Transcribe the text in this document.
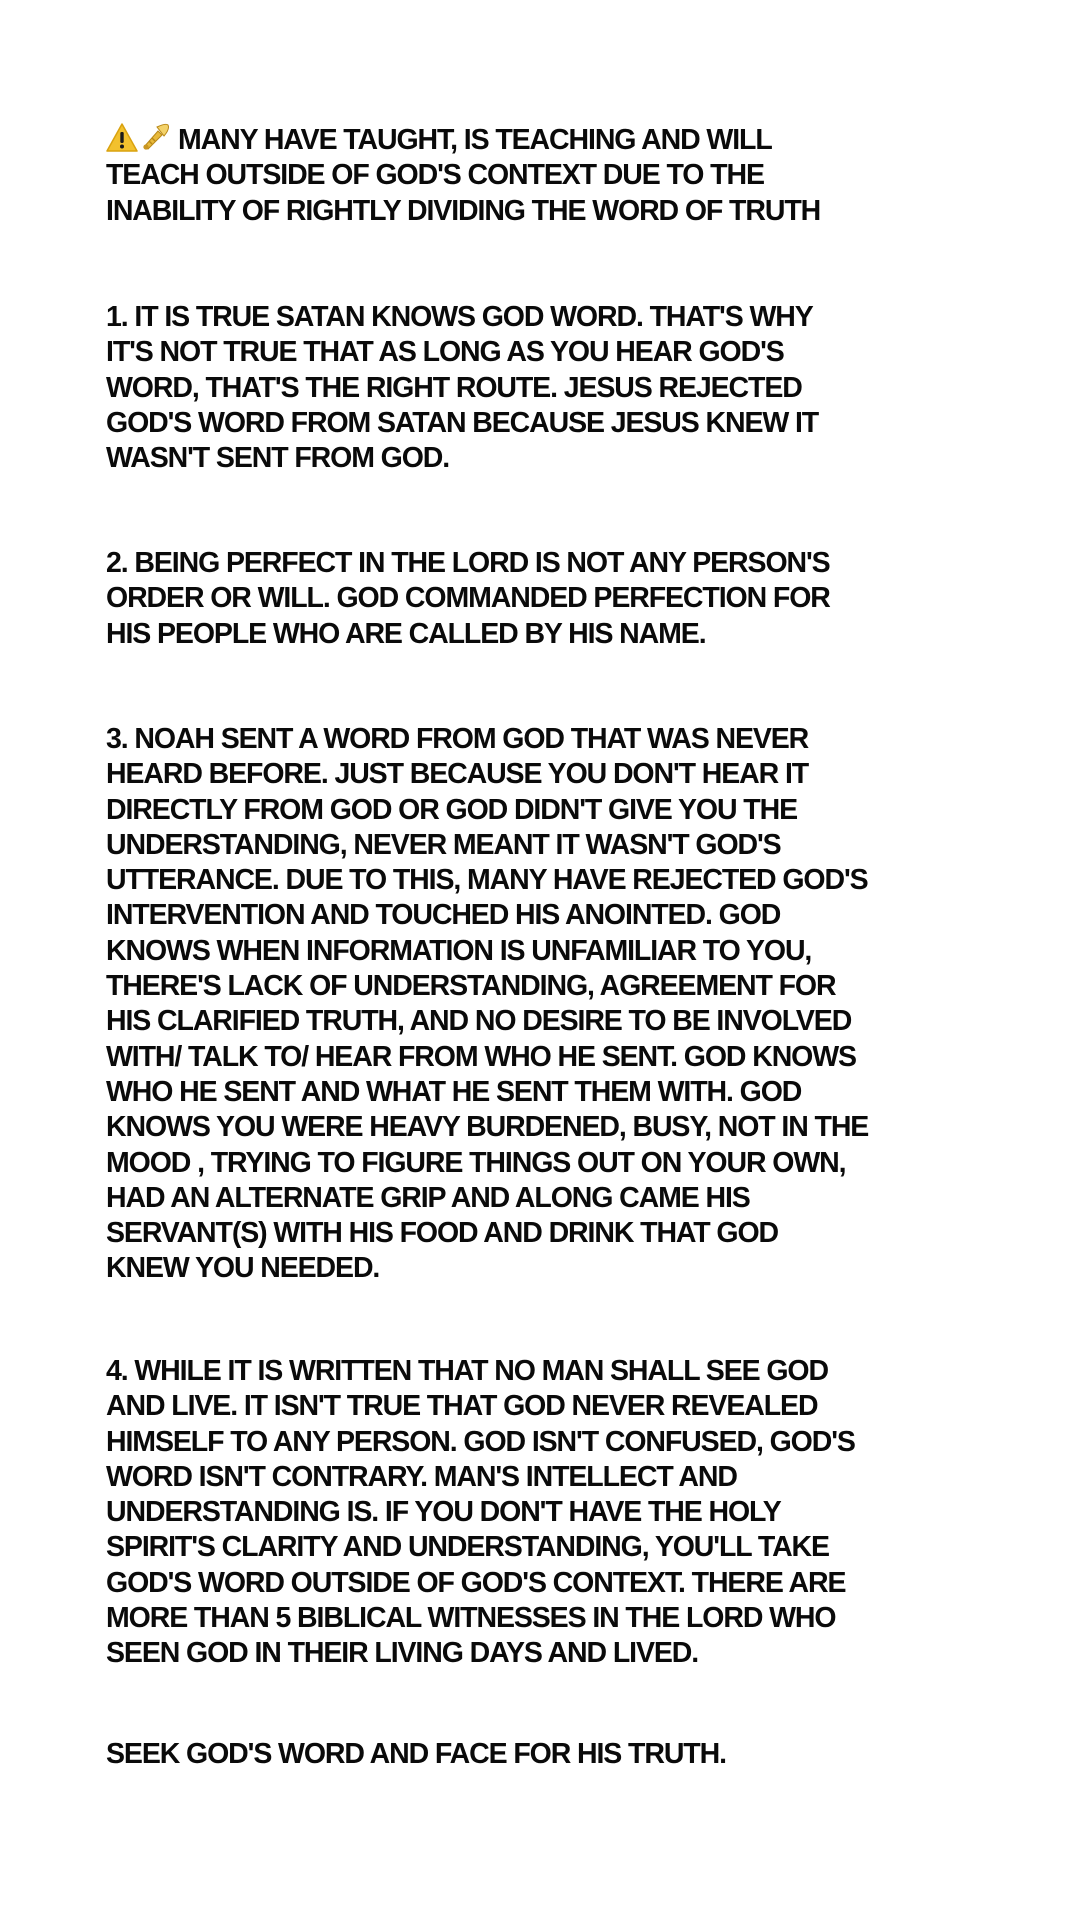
MANY HAVE TAUGHT, IS TEACHING AND WILL
TEACH OUTSIDE OF GOD'S CONTEXT DUE TO THE
INABILITY OF RIGHTLY DIVIDING THE WORD OF TRUTH

1. IT IS TRUE SATAN KNOWS GOD WORD. THAT'S WHY
IT'S NOT TRUE THAT AS LONG AS YOU HEAR GOD'S
WORD, THAT'S THE RIGHT ROUTE. JESUS REJECTED
GOD'S WORD FROM SATAN BECAUSE JESUS KNEW IT
WASN'T SENT FROM GOD.

2. BEING PERFECT IN THE LORD IS NOT ANY PERSON'S
ORDER OR WILL. GOD COMMANDED PERFECTION FOR
HIS PEOPLE WHO ARE CALLED BY HIS NAME.

3. NOAH SENT A WORD FROM GOD THAT WAS NEVER
HEARD BEFORE. JUST BECAUSE YOU DON'T HEAR IT
DIRECTLY FROM GOD OR GOD DIDN'T GIVE YOU THE
UNDERSTANDING, NEVER MEANT IT WASN'T GOD'S
UTTERANCE. DUE TO THIS, MANY HAVE REJECTED GOD'S
INTERVENTION AND TOUCHED HIS ANOINTED. GOD
KNOWS WHEN INFORMATION IS UNFAMILIAR TO YOU,
THERE'S LACK OF UNDERSTANDING, AGREEMENT FOR
HIS CLARIFIED TRUTH, AND NO DESIRE TO BE INVOLVED
WITH/ TALK TO/ HEAR FROM WHO HE SENT. GOD KNOWS
WHO HE SENT AND WHAT HE SENT THEM WITH. GOD
KNOWS YOU WERE HEAVY BURDENED, BUSY, NOT IN THE
MOOD , TRYING TO FIGURE THINGS OUT ON YOUR OWN,
HAD AN ALTERNATE GRIP AND ALONG CAME HIS
SERVANT(S) WITH HIS FOOD AND DRINK THAT GOD
KNEW YOU NEEDED.

4. WHILE IT IS WRITTEN THAT NO MAN SHALL SEE GOD
AND LIVE. IT ISN'T TRUE THAT GOD NEVER REVEALED
HIMSELF TO ANY PERSON. GOD ISN'T CONFUSED, GOD'S
WORD ISN'T CONTRARY. MAN'S INTELLECT AND
UNDERSTANDING IS. IF YOU DON'T HAVE THE HOLY
SPIRIT'S CLARITY AND UNDERSTANDING, YOU'LL TAKE
GOD'S WORD OUTSIDE OF GOD'S CONTEXT. THERE ARE
MORE THAN 5 BIBLICAL WITNESSES IN THE LORD WHO
SEEN GOD IN THEIR LIVING DAYS AND LIVED.

SEEK GOD'S WORD AND FACE FOR HIS TRUTH.
